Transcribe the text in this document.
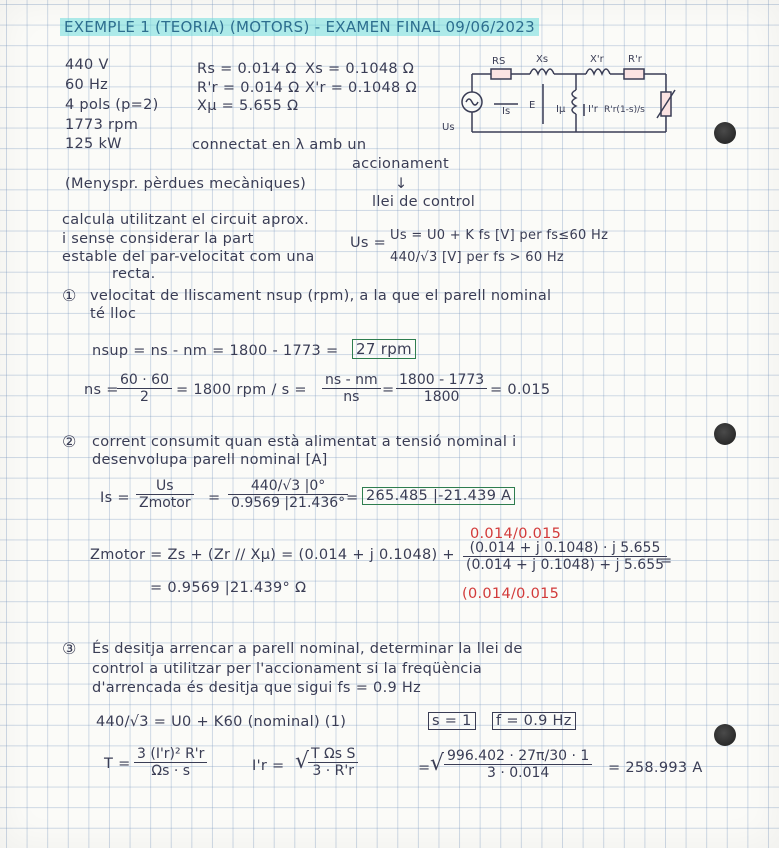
EXEMPLE 1 (TEORIA) (MOTORS) - EXAMEN FINAL 09/06/2023
440 V
60 Hz
4 pols (p=2)
1773 rpm
125 kW
Rs = 0.014 Ω Xs = 0.1048 Ω
R'r = 0.014 Ω X'r = 0.1048 Ω
Xμ = 5.655 Ω
connectat en λ amb un
accionament
(Menyspr. pèrdues mecàniques)	↓
llei de control
RS	Xs	X'r R'r
Is
E Iμ I'r R'r(1-s)/s
Us
calcula utilitzant el circuit aprox.
i sense considerar la part
estable del par-velocitat com una
recta.
Us = Us = U0 + K fs [V] per fs≤60 Hz
440/√3 [V] per fs > 60 Hz
① velocitat de lliscament nsup (rpm), a la que el parell nominal
té lloc
nsup = ns - nm = 1800 - 1773 = 27 rpm
ns =
$\frac{60 \cdot 60}{2} = 1800$ rpm / $s = \frac{ns - nm}{ns} = \frac{1800 - 1773}{1800} = 0.015$
② corrent consumit quan està alimentat a tensió nominal i
desenvolupa parell nominal [A]
Is =
Us
Zmotor = $\frac{440/√3 |0^\circ}{0.9569 |21.436^\circ}$
= 265.485 |-21.439 A
0.014/0.015
Zmotor = Zs + (Zr // Xμ) = (0.014 + j $0.1048) + \frac{(0.014 + j 0.1048) \cdot j 5.655}{(0.014 + j 0.1048) + j 5.655}$
=
(0.014/0.015
= 0.9569 |21.439° Ω
③ És desitja arrencar a parell nominal, determinar la llei de
control a utilitzar per l'accionament si la freqüència
d'arrencada és desitja que sigui fs = 0.9 Hz
440/√3 = U0 + K60 (nominal) (1)	s = 1 f = 0.9 Hz
$T = \frac{\text{3 (I'r)² R'r}}{\Omega s \cdot s}$	I'r = √
$\frac{\text{T Ωs S}}{3 \cdot R'r}$	= √ $\frac{996.402 \cdot 27\pi/30 \cdot 1}{3 \cdot 0.014} = 258.993$ A
